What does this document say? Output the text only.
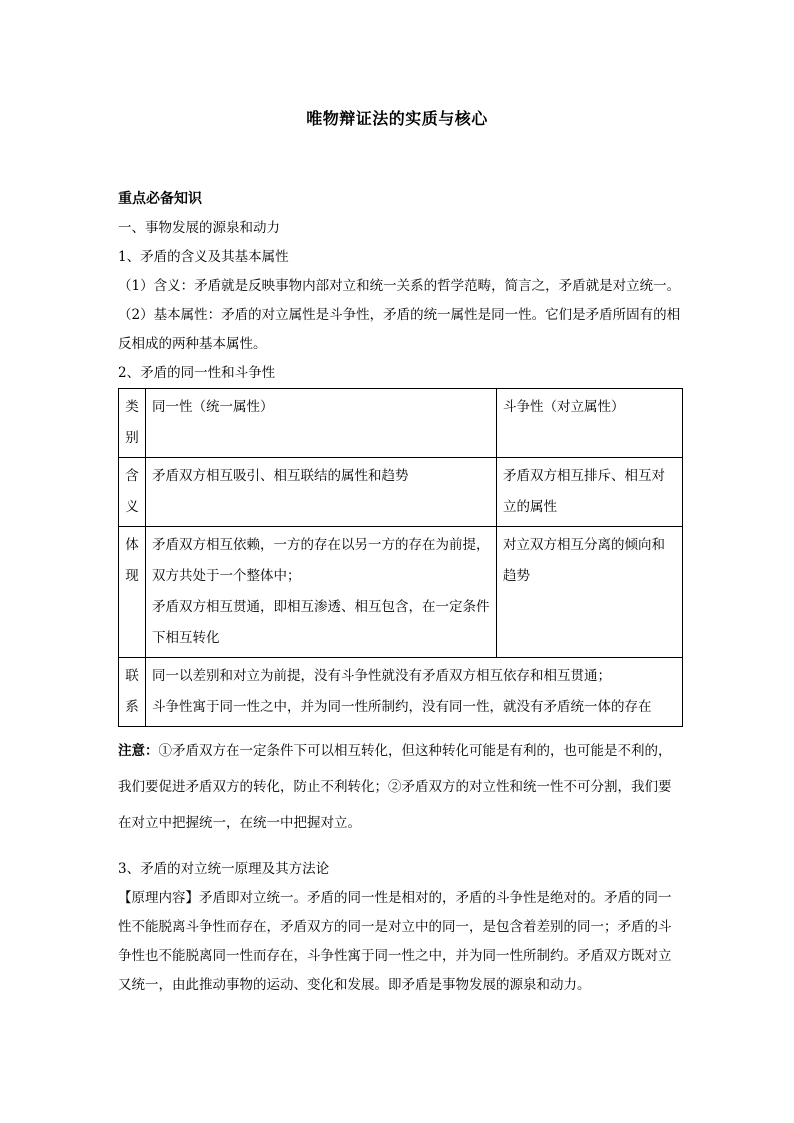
唯物辩证法的实质与核心

重点必备知识

一、事物发展的源泉和动力

1、矛盾的含义及其基本属性

（1）含义：矛盾就是反映事物内部对立和统一关系的哲学范畴，简言之，矛盾就是对立统一。

（2）基本属性：矛盾的对立属性是斗争性，矛盾的统一属性是同一性。它们是矛盾所固有的相反相成的两种基本属性。

2、矛盾的同一性和斗争性

类别	同一性（统一属性）	斗争性（对立属性）
含义	矛盾双方相互吸引、相互联结的属性和趋势	矛盾双方相互排斥、相互对立的属性
体现	矛盾双方相互依赖，一方的存在以另一方的存在为前提，双方共处于一个整体中；
矛盾双方相互贯通，即相互渗透、相互包含，在一定条件下相互转化	对立双方相互分离的倾向和趋势
联系	同一以差别和对立为前提，没有斗争性就没有矛盾双方相互依存和相互贯通；
斗争性寓于同一性之中，并为同一性所制约，没有同一性，就没有矛盾统一体的存在	

注意：①矛盾双方在一定条件下可以相互转化，但这种转化可能是有利的，也可能是不利的，我们要促进矛盾双方的转化，防止不利转化；②矛盾双方的对立性和统一性不可分割，我们要在对立中把握统一，在统一中把握对立。

3、矛盾的对立统一原理及其方法论

【原理内容】矛盾即对立统一。矛盾的同一性是相对的，矛盾的斗争性是绝对的。矛盾的同一性不能脱离斗争性而存在，矛盾双方的同一是对立中的同一，是包含着差别的同一；矛盾的斗争性也不能脱离同一性而存在，斗争性寓于同一性之中，并为同一性所制约。矛盾双方既对立又统一，由此推动事物的运动、变化和发展。即矛盾是事物发展的源泉和动力。
